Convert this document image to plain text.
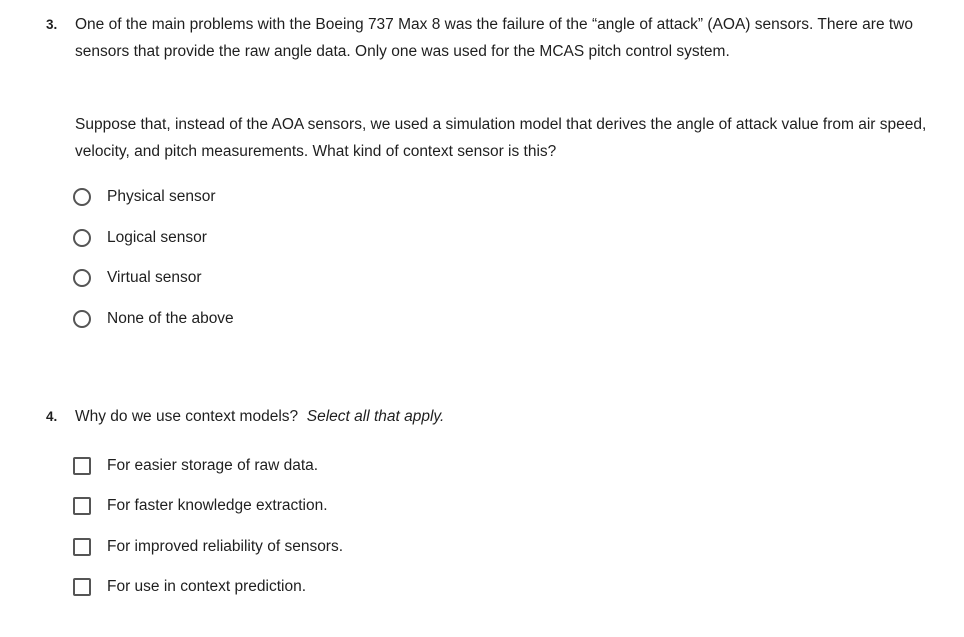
3. One of the main problems with the Boeing 737 Max 8 was the failure of the “angle of attack” (AOA) sensors. There are two sensors that provide the raw angle data. Only one was used for the MCAS pitch control system.
Suppose that, instead of the AOA sensors, we used a simulation model that derives the angle of attack value from air speed, velocity, and pitch measurements. What kind of context sensor is this?
Physical sensor
Logical sensor
Virtual sensor
None of the above
4. Why do we use context models? Select all that apply.
For easier storage of raw data.
For faster knowledge extraction.
For improved reliability of sensors.
For use in context prediction.
